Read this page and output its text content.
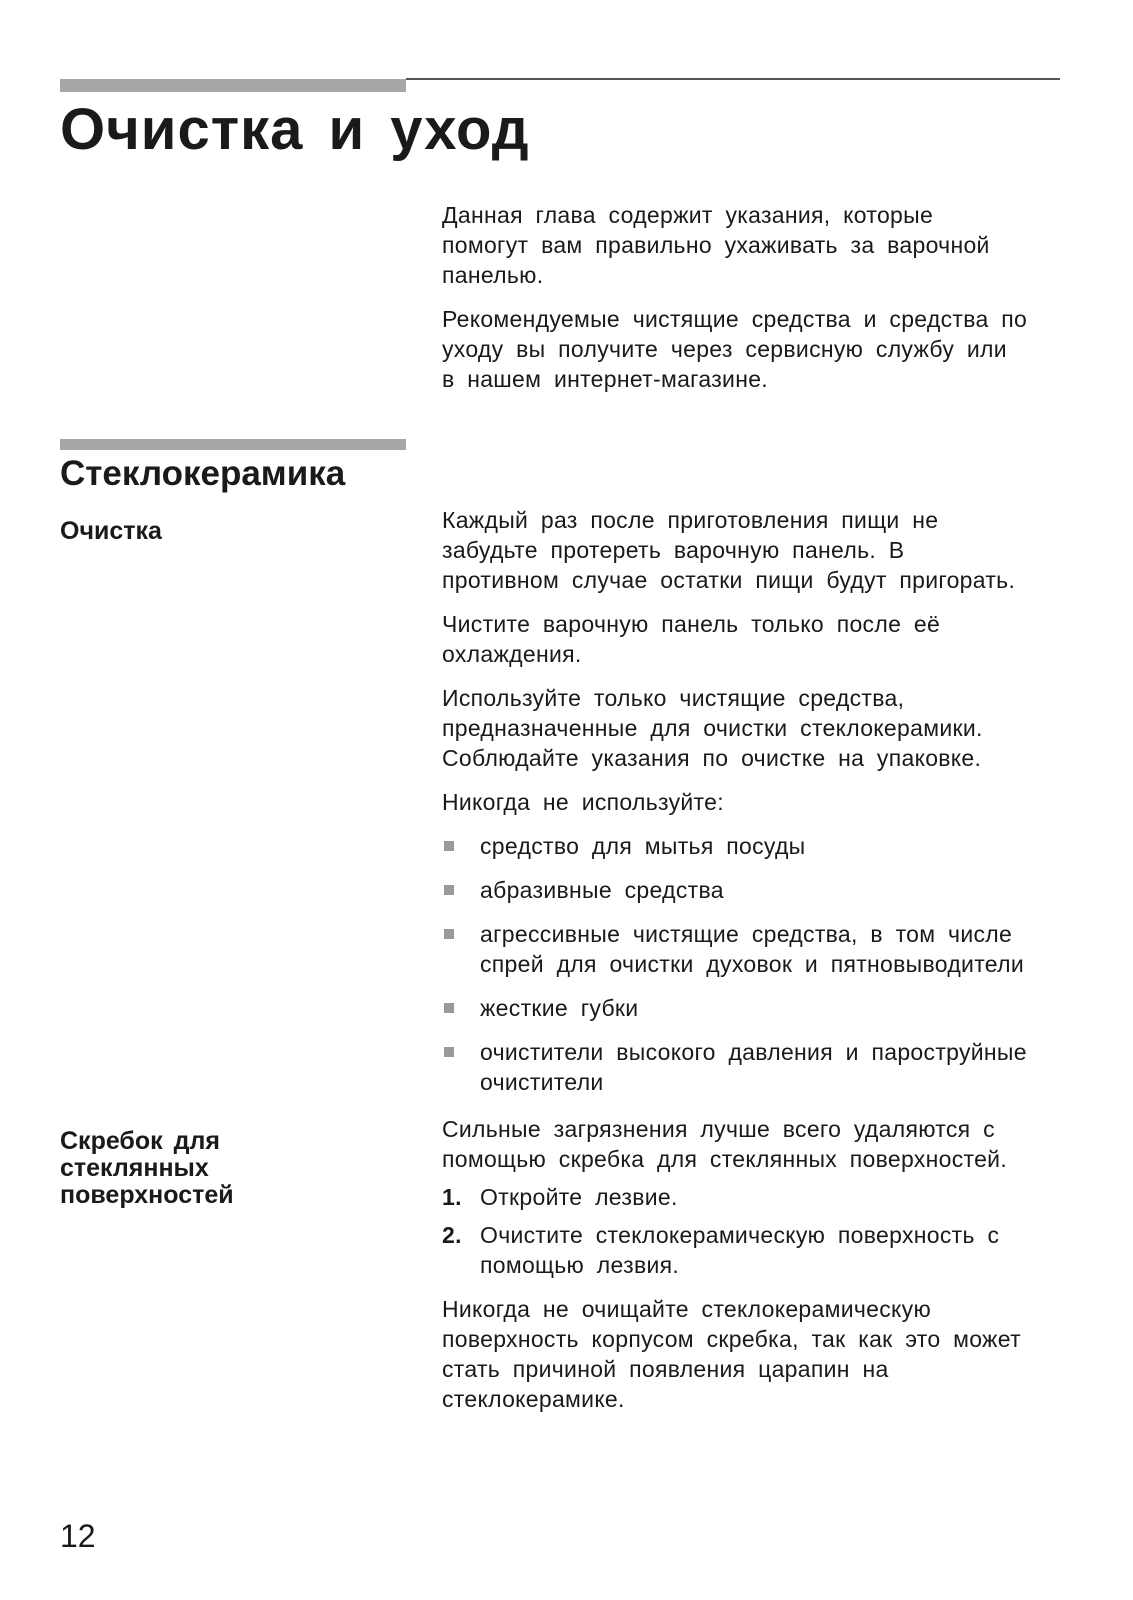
Очистка и уход

Данная глава содержит указания, которые
помогут вам правильно ухаживать за варочной
панелью.

Рекомендуемые чистящие средства и средства по
уходу вы получите через сервисную службу или
в нашем интернет-магазине.

Стеклокерамика
Очистка	Каждый раз после приготовления пищи не
забудьте протереть варочную панель. В
противном случае остатки пищи будут пригорать.

Чистите варочную панель только после её
охлаждения.

Используйте только чистящие средства,
предназначенные для очистки стеклокерамики.
Соблюдайте указания по очистке на упаковке.

Никогда не используйте:

средство для мытья посуды
абразивные средства
агрессивные чистящие средства, в том числе
спрей для очистки духовок и пятновыводители
жесткие губки
очистители высокого давления и пароструйные
очистители
Скребок для
стеклянных
поверхностей

Сильные загрязнения лучше всего удаляются с
помощью скребка для стеклянных поверхностей.

1. Откройте лезвие.
2. Очистите стеклокерамическую поверхность с
помощью лезвия.

Никогда не очищайте стеклокерамическую
поверхность корпусом скребка, так как это может
стать причиной появления царапин на
стеклокерамике.

12
